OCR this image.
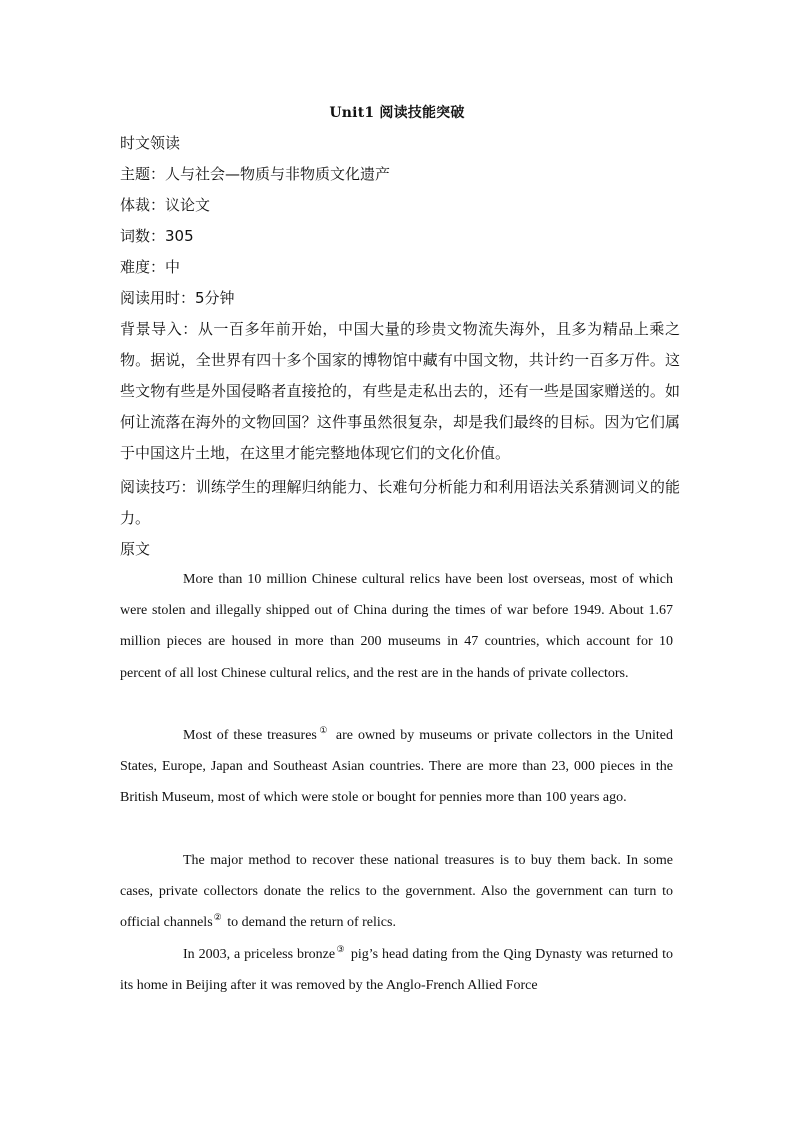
Unit1 阅读技能突破

时文领读

主题：人与社会—物质与非物质文化遗产

体裁：议论文

词数：305

难度：中

阅读用时：5分钟

背景导入：从一百多年前开始，中国大量的珍贵文物流失海外，且多为精品上乘之物。据说，全世界有四十多个国家的博物馆中藏有中国文物，共计约一百多万件。这些文物有些是外国侵略者直接抢的，有些是走私出去的，还有一些是国家赠送的。如何让流落在海外的文物回国？这件事虽然很复杂，却是我们最终的目标。因为它们属于中国这片土地，在这里才能完整地体现它们的文化价值。

阅读技巧：训练学生的理解归纳能力、长难句分析能力和利用语法关系猜测词义的能力。

原文

More than 10 million Chinese cultural relics have been lost overseas, most of which were stolen and illegally shipped out of China during the times of war before 1949. About 1.67 million pieces are housed in more than 200 museums in 47 countries, which account for 10 percent of all lost Chinese cultural relics, and the rest are in the hands of private collectors.

Most of these treasures① are owned by museums or private collectors in the United States, Europe, Japan and Southeast Asian countries. There are more than 23, 000 pieces in the British Museum, most of which were stole or bought for pennies more than 100 years ago.

The major method to recover these national treasures is to buy them back. In some cases, private collectors donate the relics to the government. Also the government can turn to official channels② to demand the return of relics.

In 2003, a priceless bronze③ pig’s head dating from the Qing Dynasty was returned to its home in Beijing after it was removed by the Anglo-French Allied Force
